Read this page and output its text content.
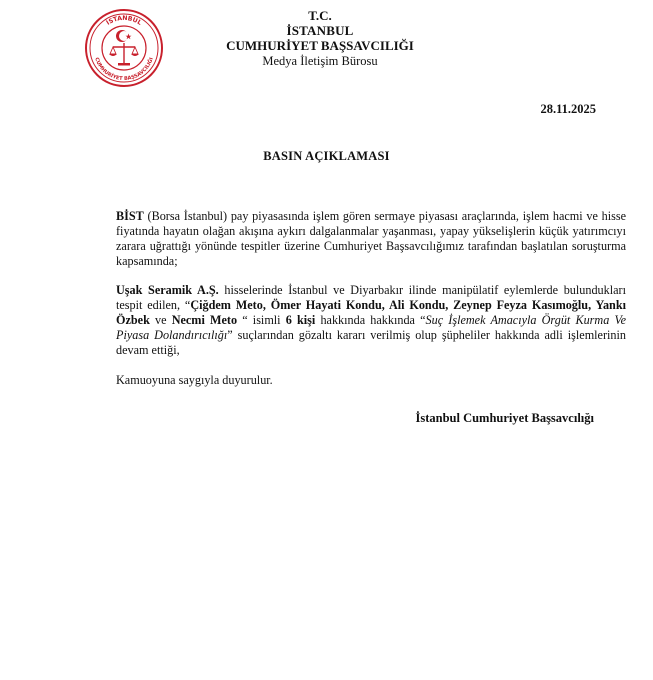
İSTANBUL
CUMHURİYET BAŞSAVCILIĞI
T.C.
İSTANBUL
CUMHURİYET BAŞSAVCILIĞI
Medya İletişim Bürosu
28.11.2025
BASIN AÇIKLAMASI
BİST (Borsa İstanbul) pay piyasasında işlem gören sermaye piyasası araçlarında, işlem hacmi ve hisse fiyatında hayatın olağan akışına aykırı dalgalanmalar yaşanması, yapay yükselişlerin küçük yatırımcıyı zarara uğrattığı yönünde tespitler üzerine Cumhuriyet Başsavcılığımız tarafından başlatılan soruşturma kapsamında;
Uşak Seramik A.Ş. hisselerinde İstanbul ve Diyarbakır ilinde manipülatif eylemlerde bulundukları tespit edilen, “Çiğdem Meto, Ömer Hayati Kondu, Ali Kondu, Zeynep Feyza Kasımoğlu, Yankı Özbek ve Necmi Meto “ isimli 6 kişi hakkında hakkında “Suç İşlemek Amacıyla Örgüt Kurma Ve Piyasa Dolandırıcılığı” suçlarından gözaltı kararı verilmiş olup şüpheliler hakkında adli işlemlerinin devam ettiği,
Kamuoyuna saygıyla duyurulur.
İstanbul Cumhuriyet Başsavcılığı
